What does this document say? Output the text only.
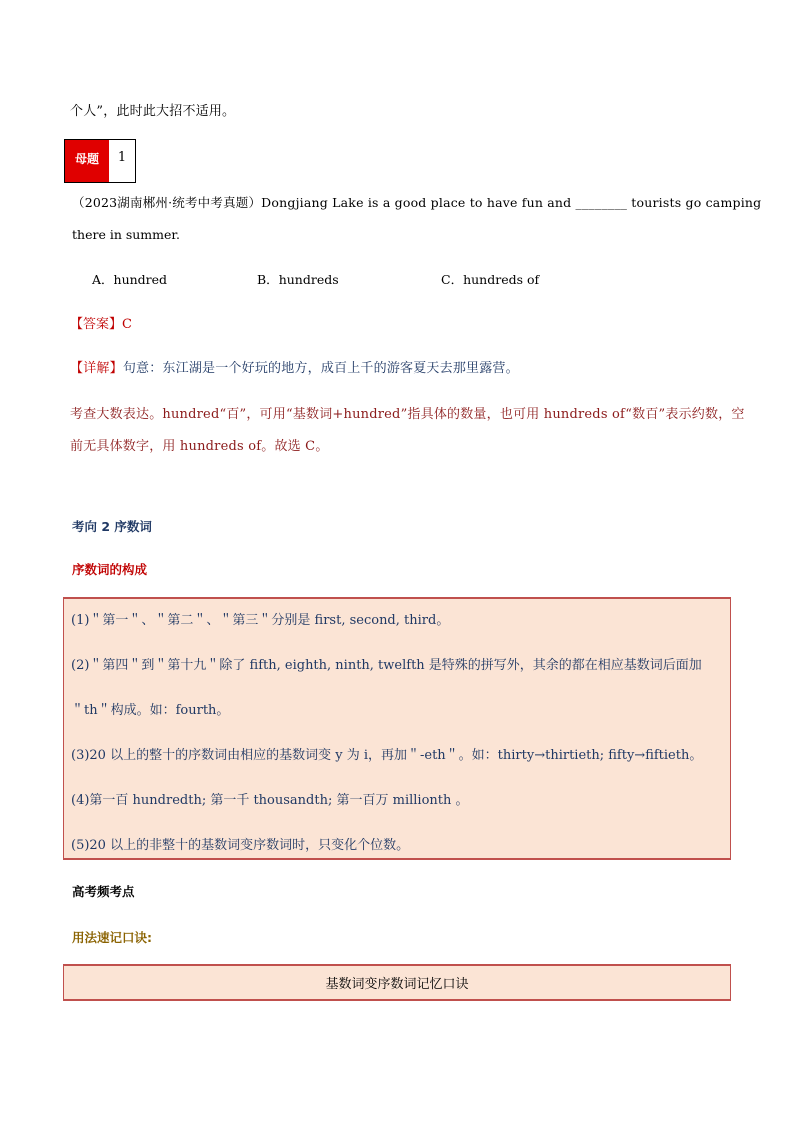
个人”，此时此大招不适用。
母题	1
（2023湖南郴州·统考中考真题）Dongjiang Lake is a good place to have fun and ________ tourists go camping
there in summer.
A．hundred	B．hundreds	C．hundreds of
【答案】C
【详解】句意：东江湖是一个好玩的地方，成百上千的游客夏天去那里露营。
考查大数表达。hundred“百”，可用“基数词+hundred”指具体的数量，也可用 hundreds of“数百”表示约数，空
前无具体数字，用 hundreds of。故选 C。
考向 2 序数词
序数词的构成
(1)＂第一＂、＂第二＂、＂第三＂分别是 first, second, third。
(2)＂第四＂到＂第十九＂除了 fifth, eighth, ninth, twelfth 是特殊的拼写外，其余的都在相应基数词后面加
＂th＂构成。如：fourth。
(3)20 以上的整十的序数词由相应的基数词变 y 为 i，再加＂-eth＂。如：thirty→thirtieth; fifty→fiftieth。
(4)第一百 hundredth; 第一千 thousandth; 第一百万 millionth 。
(5)20 以上的非整十的基数词变序数词时，只变化个位数。
高考频考点
用法速记口诀:
基数词变序数词记忆口诀
